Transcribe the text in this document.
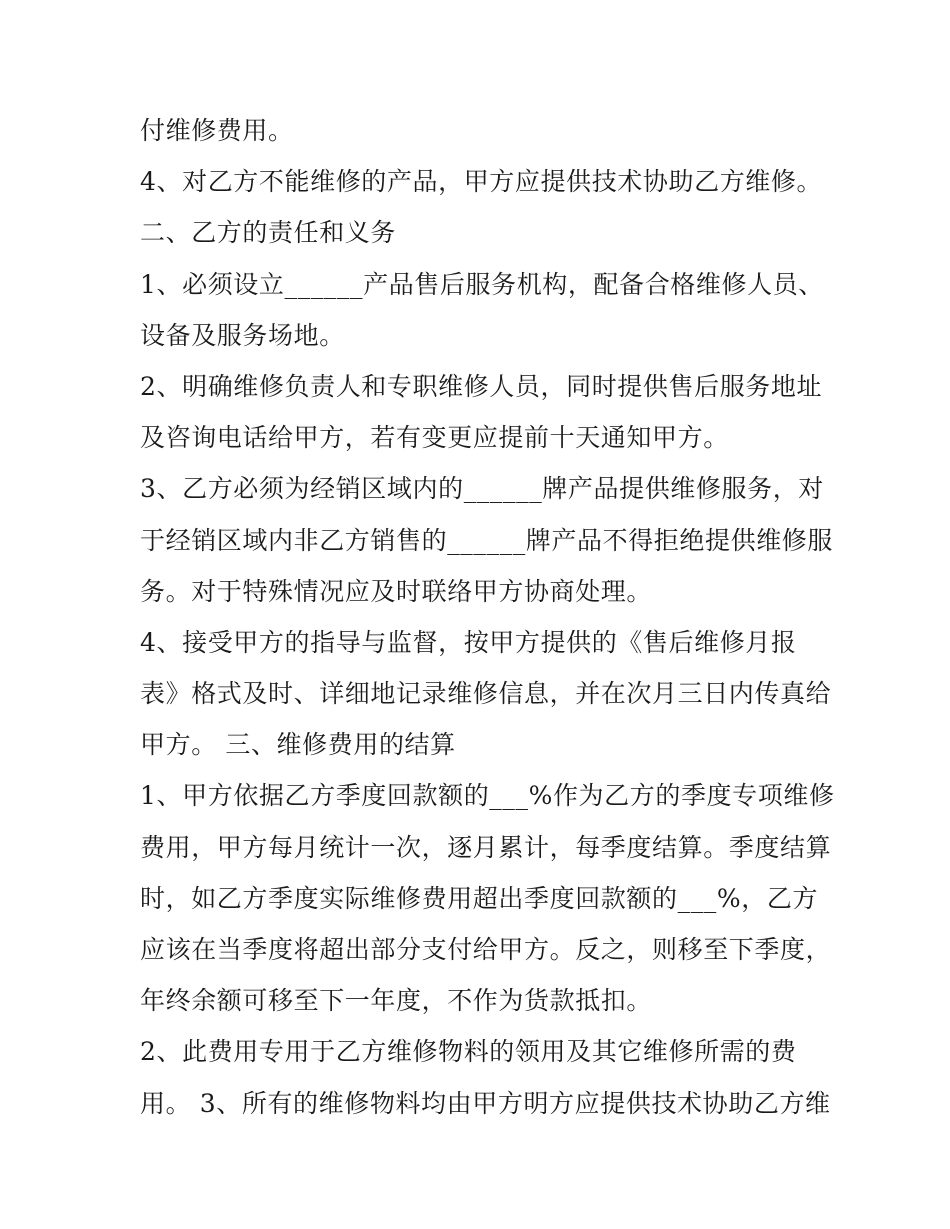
付维修费用。
4、对乙方不能维修的产品，甲方应提供技术协助乙方维修。
二、乙方的责任和义务
1、必须设立______产品售后服务机构，配备合格维修人员、
设备及服务场地。
2、明确维修负责人和专职维修人员，同时提供售后服务地址
及咨询电话给甲方，若有变更应提前十天通知甲方。
3、乙方必须为经销区域内的______牌产品提供维修服务，对
于经销区域内非乙方销售的______牌产品不得拒绝提供维修服
务。对于特殊情况应及时联络甲方协商处理。
4、接受甲方的指导与监督，按甲方提供的《售后维修月报
表》格式及时、详细地记录维修信息，并在次月三日内传真给
甲方。 三、维修费用的结算
1、甲方依据乙方季度回款额的___%作为乙方的季度专项维修
费用，甲方每月统计一次，逐月累计，每季度结算。季度结算
时，如乙方季度实际维修费用超出季度回款额的___%，乙方
应该在当季度将超出部分支付给甲方。反之，则移至下季度，
年终余额可移至下一年度，不作为货款抵扣。
2、此费用专用于乙方维修物料的领用及其它维修所需的费
用。 3、所有的维修物料均由甲方明方应提供技术协助乙方维
